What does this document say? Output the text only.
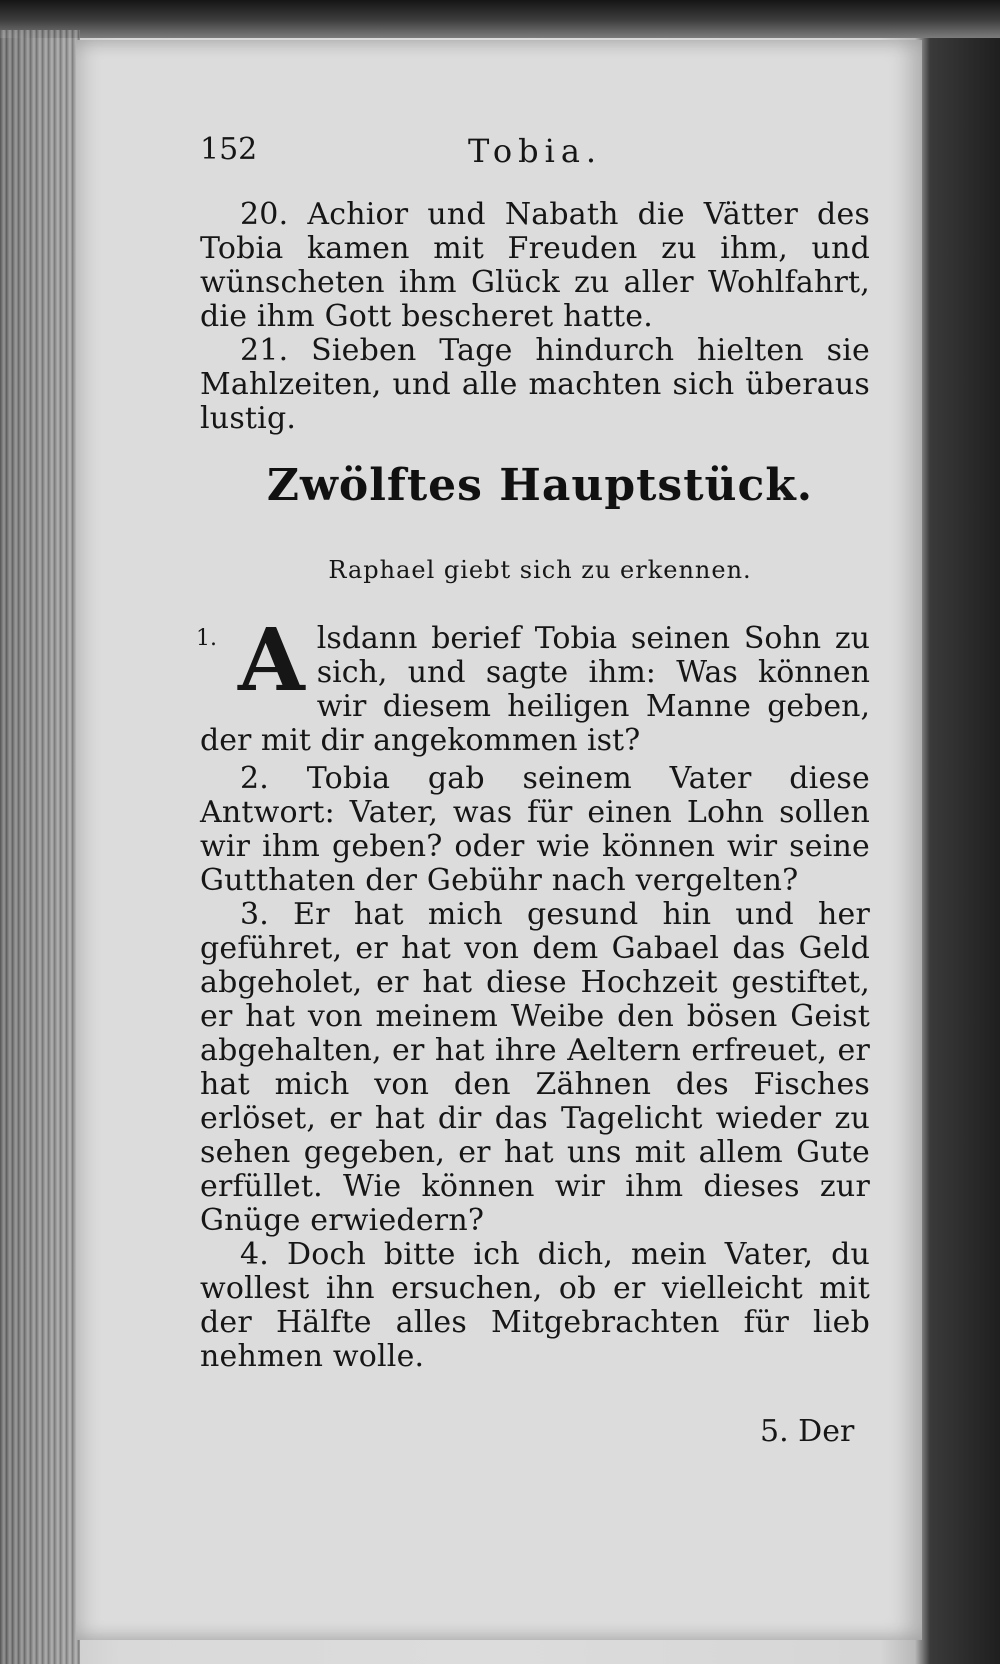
152	Tobia.

20. Achior und Nabath die Vätter des Tobia kamen mit Freuden zu ihm, und wünscheten ihm Glück zu aller Wohlfahrt, die ihm Gott bescheret hatte.

21. Sieben Tage hindurch hielten sie Mahlzeiten, und alle machten sich überaus lustig.

Zwölftes Hauptstück.
Raphael giebt sich zu erkennen.
1. A lsdann berief Tobia seinen Sohn zu sich, und sagte ihm: Was können wir diesem heiligen Manne geben, der mit dir angekommen ist?

2. Tobia gab seinem Vater diese Antwort: Vater, was für einen Lohn sollen wir ihm geben? oder wie können wir seine Gutthaten der Gebühr nach vergelten?

3. Er hat mich gesund hin und her geführet, er hat von dem Gabael das Geld abgeholet, er hat diese Hochzeit gestiftet, er hat von meinem Weibe den bösen Geist abgehalten, er hat ihre Aeltern erfreuet, er hat mich von den Zähnen des Fisches erlöset, er hat dir das Tagelicht wieder zu sehen gegeben, er hat uns mit allem Gute erfüllet. Wie können wir ihm dieses zur Gnüge erwiedern?

4. Doch bitte ich dich, mein Vater, du wollest ihn ersuchen, ob er vielleicht mit der Hälfte alles Mitgebrachten für lieb nehmen wolle.

5. Der
